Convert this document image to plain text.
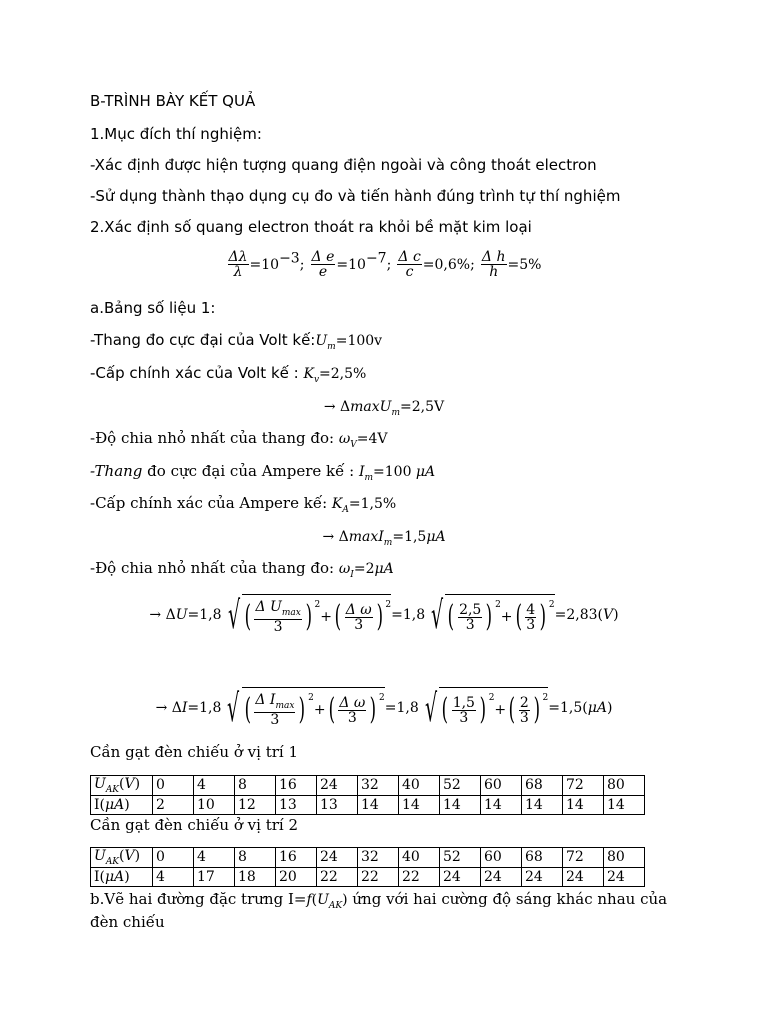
B-TRÌNH BÀY KẾT QUẢ
1.Mục đích thí nghiệm:
-Xác định được hiện tượng quang điện ngoài và công thoát electron
-Sử dụng thành thạo dụng cụ đo và tiến hành đúng trình tự thí nghiệm
2.Xác định số quang electron thoát ra khỏi bề mặt kim loại
$\frac{\Delta\lambda}{\lambda} =10^{-3}$; $\frac{\text{Δ e}}{e} =10^{-7}$; $\frac{\text{Δ c}}{c} =0,6\%$; $\frac{\text{Δ h}}{h} =5\%$
a.Bảng số liệu 1:
-Thang đo cực đại của Volt $kế:U_m=100v$
-Cấp chính xác của Volt kế : $K_v=2,5\%$
→ ΔmaxU$_m$=2,5V
-Độ chia nhỏ nhất của thang đo: $\omega_V=4V$
-Thang đo cực đại của Ampere kế : $I_m=100$ μA
-Cấp chính xác của Ampere kế: $K_A=1,5\%$
→ ΔmaxI$_m$=1,5μA
-Độ chia nhỏ nhất của thang đo: $\omega_I=2\mu A$
→ Δ U =1,8 √ ( $\frac{\Delta U_{max}}{3}$ ) 2
+ ( $\frac{\text{Δ ω}}{3}$ ) 2
=1,8 √ ( $\frac{2,5}{3}$ ) 2
+ ( $\frac{4}{3}$ ) 2
=2,83 ( V )
→ Δ I =1,8 √ ( $\frac{\Delta I_{max}}{3}$ ) 2
+ ( $\frac{\text{Δ ω}}{3}$ ) 2
=1,8 √ ( $\frac{1,5}{3}$ ) 2
+ ( $\frac{2}{3}$ ) 2
=1,5 ( μA )
Cần gạt đèn chiếu ở vị trí 1
$U_{AK}(V)$	0	4	8	16	24	32	40	52	60	68	72	80
I(μA)	2	10	12	13	13	14	14	14	14	14	14	14
Cần gạt đèn chiếu ở vị trí 2
$U_{AK}(V)$	0	4	8	16	24	32	40	52	60	68	72	80
I(μA)	4	17	18	20	22	22	22	24	24	24	24	24
b.Vẽ hai đường đặc trưng $I=f(U_{AK})$ ứng với hai cường độ sáng khác nhau của
đèn chiếu
